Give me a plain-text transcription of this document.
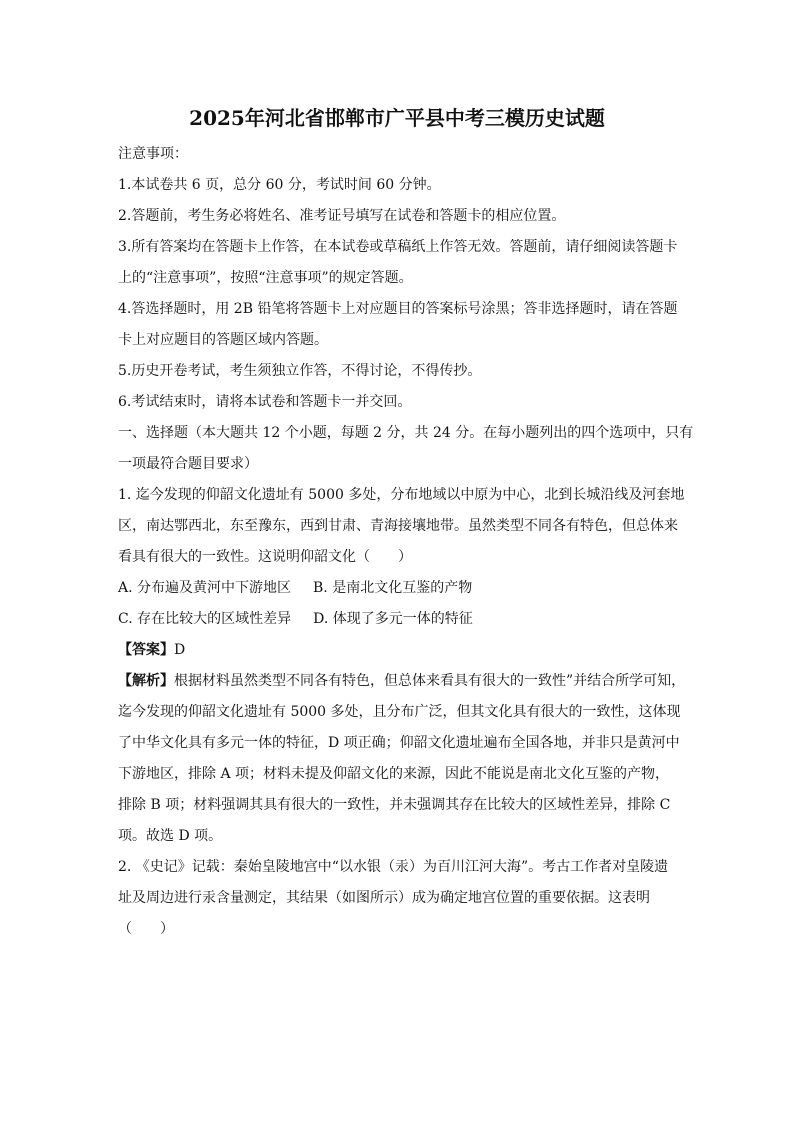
2025年河北省邯郸市广平县中考三模历史试题
注意事项：
1.本试卷共 6 页，总分 60 分，考试时间 60 分钟。
2.答题前，考生务必将姓名、准考证号填写在试卷和答题卡的相应位置。
3.所有答案均在答题卡上作答，在本试卷或草稿纸上作答无效。答题前，请仔细阅读答题卡
上的“注意事项”，按照“注意事项”的规定答题。
4.答选择题时，用 2B 铅笔将答题卡上对应题目的答案标号涂黑；答非选择题时，请在答题
卡上对应题目的答题区域内答题。
5.历史开卷考试，考生须独立作答，不得讨论，不得传抄。
6.考试结束时，请将本试卷和答题卡一并交回。
一、选择题（本大题共 12 个小题，每题 2 分，共 24 分。在每小题列出的四个选项中，只有
一项最符合题目要求）
1. 迄今发现的仰韶文化遗址有 5000 多处，分布地域以中原为中心，北到长城沿线及河套地
区，南达鄂西北，东至豫东，西到甘肃、青海接壤地带。虽然类型不同各有特色，但总体来
看具有很大的一致性。这说明仰韶文化（　　）
A. 分布遍及黄河中下游地区 B. 是南北文化互鉴的产物
C. 存在比较大的区域性差异 D. 体现了多元一体的特征
【答案】D
【解析】根据材料虽然类型不同各有特色，但总体来看具有很大的一致性”并结合所学可知，
迄今发现的仰韶文化遗址有 5000 多处，且分布广泛，但其文化具有很大的一致性，这体现
了中华文化具有多元一体的特征，D 项正确；仰韶文化遗址遍布全国各地，并非只是黄河中
下游地区，排除 A 项；材料未提及仰韶文化的来源，因此不能说是南北文化互鉴的产物，
排除 B 项；材料强调其具有很大的一致性，并未强调其存在比较大的区域性差异，排除 C
项。故选 D 项。
2. 《史记》记载：秦始皇陵地宫中“以水银（汞）为百川江河大海”。考古工作者对皇陵遗
址及周边进行汞含量测定，其结果（如图所示）成为确定地宫位置的重要依据。这表明
（　　）
